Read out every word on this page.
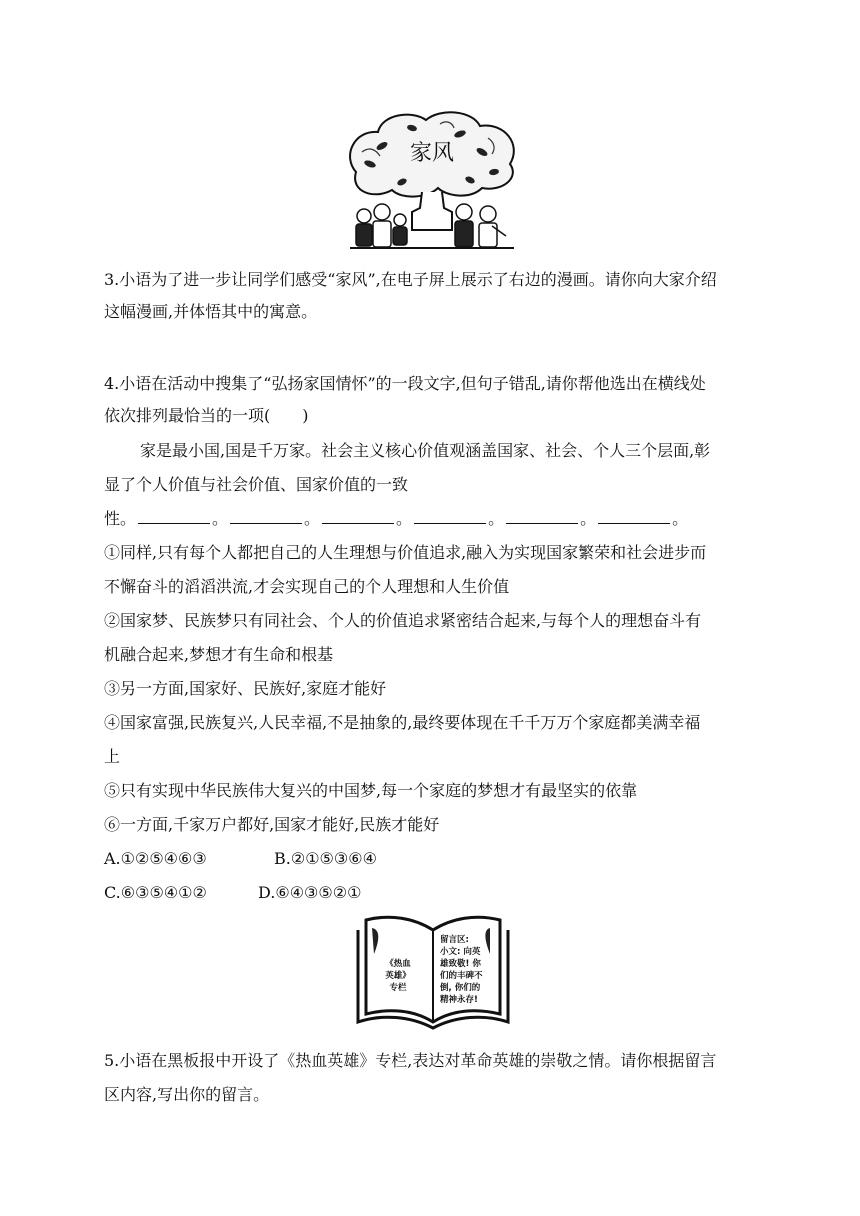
家风
3.小语为了进一步让同学们感受“家风”,在电子屏上展示了右边的漫画。请你向大家介绍
这幅漫画,并体悟其中的寓意。
4.小语在活动中搜集了“弘扬家国情怀”的一段文字,但句子错乱,请你帮他选出在横线处
依次排列最恰当的一项(　　)
家是最小国,国是千万家。社会主义核心价值观涵盖国家、社会、个人三个层面,彰
显了个人价值与社会价值、国家价值的一致
性。	。	。	。	。	。	。
①同样,只有每个人都把自己的人生理想与价值追求,融入为实现国家繁荣和社会进步而
不懈奋斗的滔滔洪流,才会实现自己的个人理想和人生价值
②国家梦、民族梦只有同社会、个人的价值追求紧密结合起来,与每个人的理想奋斗有
机融合起来,梦想才有生命和根基
③另一方面,国家好、民族好,家庭才能好
④国家富强,民族复兴,人民幸福,不是抽象的,最终要体现在千千万万个家庭都美满幸福
上
⑤只有实现中华民族伟大复兴的中国梦,每一个家庭的梦想才有最坚实的依靠
⑥一方面,千家万户都好,国家才能好,民族才能好
A.①②⑤④⑥③	B.②①⑤③⑥④
C.⑥③⑤④①②	D.⑥④③⑤②①
《热血
英雄》
专栏
留言区:
小文: 向英
雄致敬! 你
们的丰碑不
倒, 你们的
精神永存!
5.小语在黑板报中开设了《热血英雄》专栏,表达对革命英雄的崇敬之情。请你根据留言
区内容,写出你的留言。
